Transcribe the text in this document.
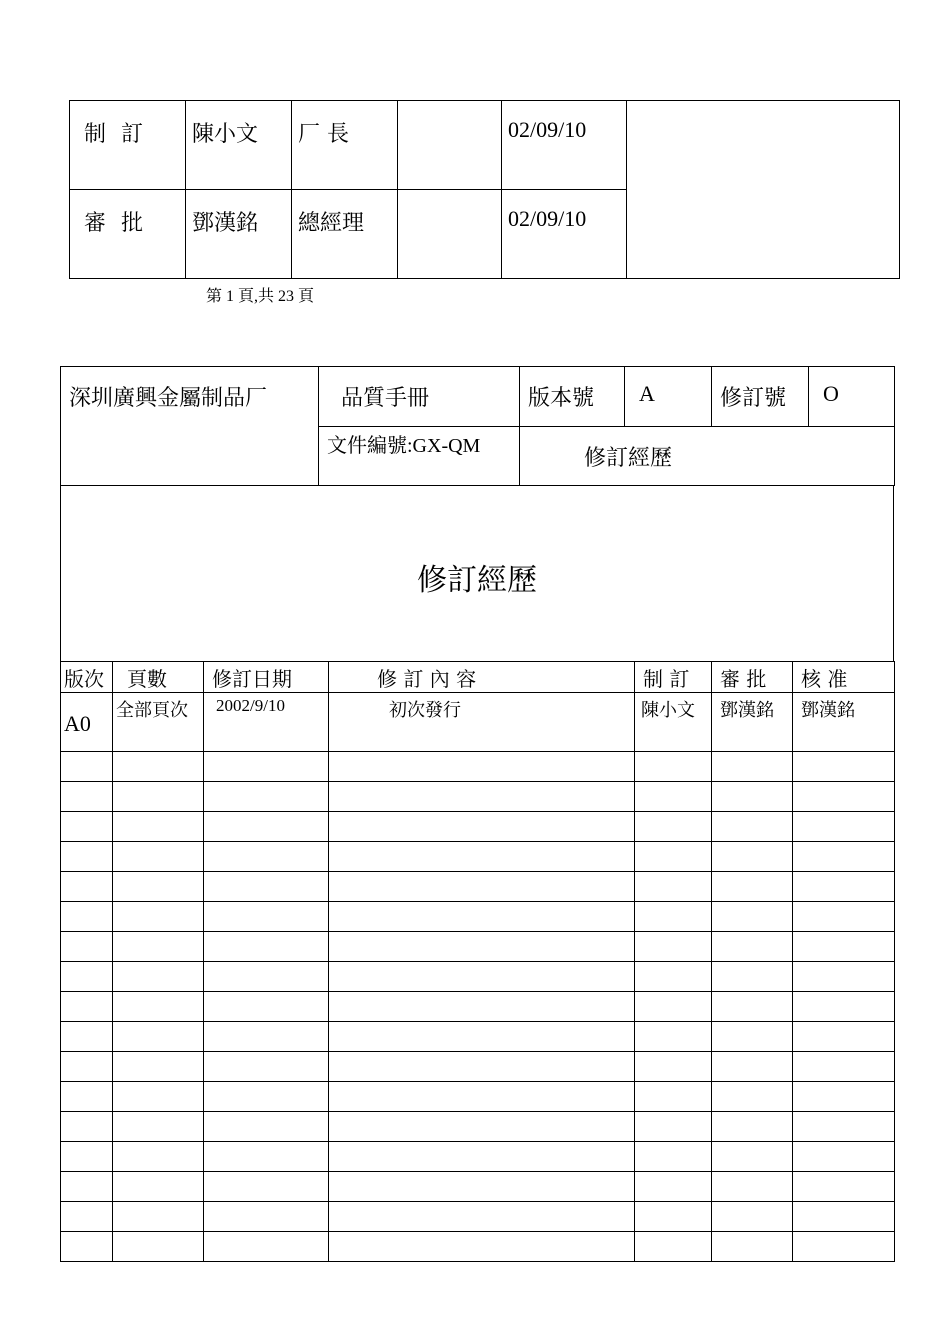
制 訂	陳小文	厂 長		02/09/10	

審 批	鄧漢銘	總經理		02/09/10	
第 1 頁,共 23 頁
深圳廣興金屬制品厂	品質手冊	版本號	A	修訂號	O

	文件編號:GX-QM	修訂經歷			
修訂經歷
版次	頁數	修訂日期	修 訂 內 容	制 訂	審 批	核 准

A0	全部頁次	2002/9/10	初次發行	陳小文	鄧漢銘	鄧漢銘
